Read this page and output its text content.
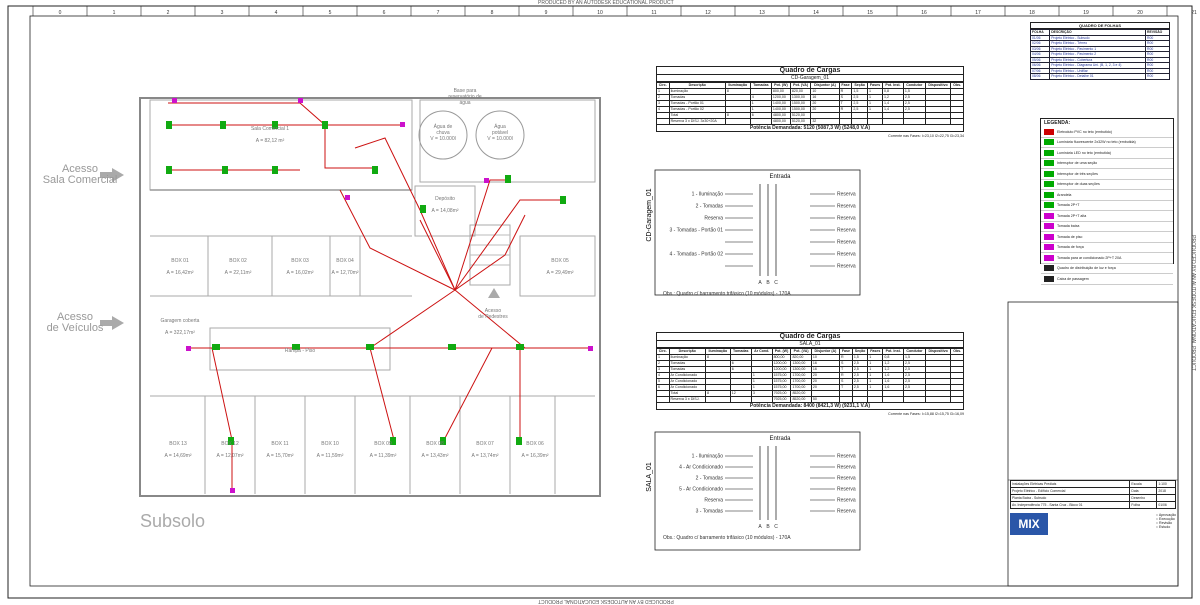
PRODUCED BY AN AUTODESK EDUCATIONAL PRODUCT
PRODUCED BY AN AUTODESK EDUCATIONAL PRODUCT
PRODUCED BY AN AUTODESK EDUCATIONAL PRODUCT
0	1	2	3	4	5	6	7	8	9	10	11	12	13	14	15	16	17	18	19	20	21
Sala Comercial 1
A = 82,12 m²
BOX 01
A = 16,42m²
BOX 02
A = 22,11m²
BOX 03
A = 16,02m²
BOX 04
A = 12,70m²
BOX 05
A = 29,49m²
Garagem coberta
A = 322,17m²
Depósito
A = 14,08m²
BOX 13
A = 14,69m²
BOX 12
A = 12,07m²
BOX 11
A = 15,70m²
BOX 10
A = 11,59m²
BOX 09
A = 11,39m²
BOX 08
A = 13,43m²
BOX 07
A = 13,74m²
BOX 06
A = 16,39m²
Base para reservatório de água
Água de chuva V = 10.000l
Água potável V = 10.000l
Acesso de Pedestres
Rampa - Piso
Acesso Sala Comercial
Acesso de Veículos
Subsolo
CD-Garagem_01
Entrada
A B C
1 - Iluminação	Reserva
2 - Tomadas	Reserva
Reserva	Reserva
3 - Tomadas - Portão 01	Reserva
Reserva
4 - Tomadas - Portão 02	Reserva
Reserva
Obs.: Quadro c/ barramento trifásico (10 módulos) - 170A
SALA_01
Entrada
A B C
1 - Iluminação	Reserva
4 - Ar Condicionado	Reserva
2 - Tomadas	Reserva
5 - Ar Condicionado	Reserva
Reserva	Reserva
3 - Tomadas	Reserva
Obs.: Quadro c/ barramento trifásico (10 módulos) - 170A
Quadro de Cargas
CD-Garagem_01
Circ.	Descrição	Iluminação	Tomadas	Pot. (W)	Pot. (VA)	Disjuntor (A)	Fase	Seção	Fases	Pot. Inst.	Condutor	Dispositivo	Obs.
1	Iluminação	8		800,00	820,00	10	R	1,5	1	0,8	1,5		
2	Tomadas		4	1200,00	1300,00	16	S	2,5	1	1,2	2,5		
3	Tomadas - Portão 01		1	1400,00	1500,00	20	T	2,5	1	1,4	2,5		
4	Tomadas - Portão 02		1	1400,00	1500,00	20	R	2,5	1	1,4	2,5		
	Total	8	6	4800,00	5120,00								
	Reserva 3 x DISJ. 3x30+20A			4800,00	5120,00	32							
Potência Demandada: 5120 (5087,3 W) (5248,0 V.A)
Corrente nas Fases: I=23,10 I2=22,75 I3=23,34
Quadro de Cargas
SALA_01
Circ.	Descrição	Iluminação	Tomadas	Ar Cond.	Pot. (W)	Pot. (VA)	Disjuntor (A)	Fase	Seção	Fases	Pot. Inst.	Condutor	Dispositivo	Obs.
1	Iluminação	8			800,00	820,00	10	R	1,5	1	0,8	1,5		
2	Tomadas		6		1200,00	1300,00	16	S	2,5	1	1,2	2,5		
3	Tomadas		6		1200,00	1300,00	16	T	2,5	1	1,2	2,5		
4	Ar Condicionado			1	1575,00	1700,00	20	R	2,5	1	1,6	2,5		
5	Ar Condicionado			1	1575,00	1700,00	20	S	2,5	1	1,6	2,5		
6	Ar Condicionado			1	1575,00	1700,00	20	T	2,5	1	1,6	2,5		
	Total	8	12	3	7925,00	8520,00								
	Reserva 3 x DISJ.				7925,00	8520,00	50							
Potência Demandada: 8400 (8421,3 W) (9231,1 V.A)
Corrente nas Fases: I=15,88 I2=15,75 I3=16,09
QUADRO DE FOLHAS
FOLHA	DESCRIÇÃO	REVISÃO
01/06	Projeto Elétrico - Subsolo	R00
02/06	Projeto Elétrico - Térreo	R00
03/06	Projeto Elétrico - Pavimento 1	R00
04/06	Projeto Elétrico - Pavimento 2	R00
05/06	Projeto Elétrico - Cobertura	R00
06/06	Projeto Elétrico - Diagrama Uni. (B, 1, 2, 3 e 4)	R00
07/06	Projeto Elétrico - Unifilar	R00
08/06	Projeto Elétrico - Detalhe 01	R00
LEGENDA:
Eletroduto PVC no teto (embutido)
Luminária fluorescente 2x32W no teto (embutida)
Luminária LED no teto (embutida)
Interruptor de uma seção
Interruptor de três seções
Interruptor de duas seções
Arandela
Tomada 2P+T
Tomada 2P+T alta
Tomada baixa
Tomada de piso
Tomada de força
Tomada para ar condicionado 2P+T 20A
Quadro de distribuição de luz e força
Caixa de passagem
Instalações Elétricas Prediais	Escala	1:100
Projeto Elétrico - Edifício Comercial	Data	2018
Planta Baixa - Subsolo	Desenho	
Av. Independência 775 - Santa Cruz - Bloco 01	Folha	01/06
MIX
○ Aprovação
○ Execução
○ Revisão
○ Estudo
